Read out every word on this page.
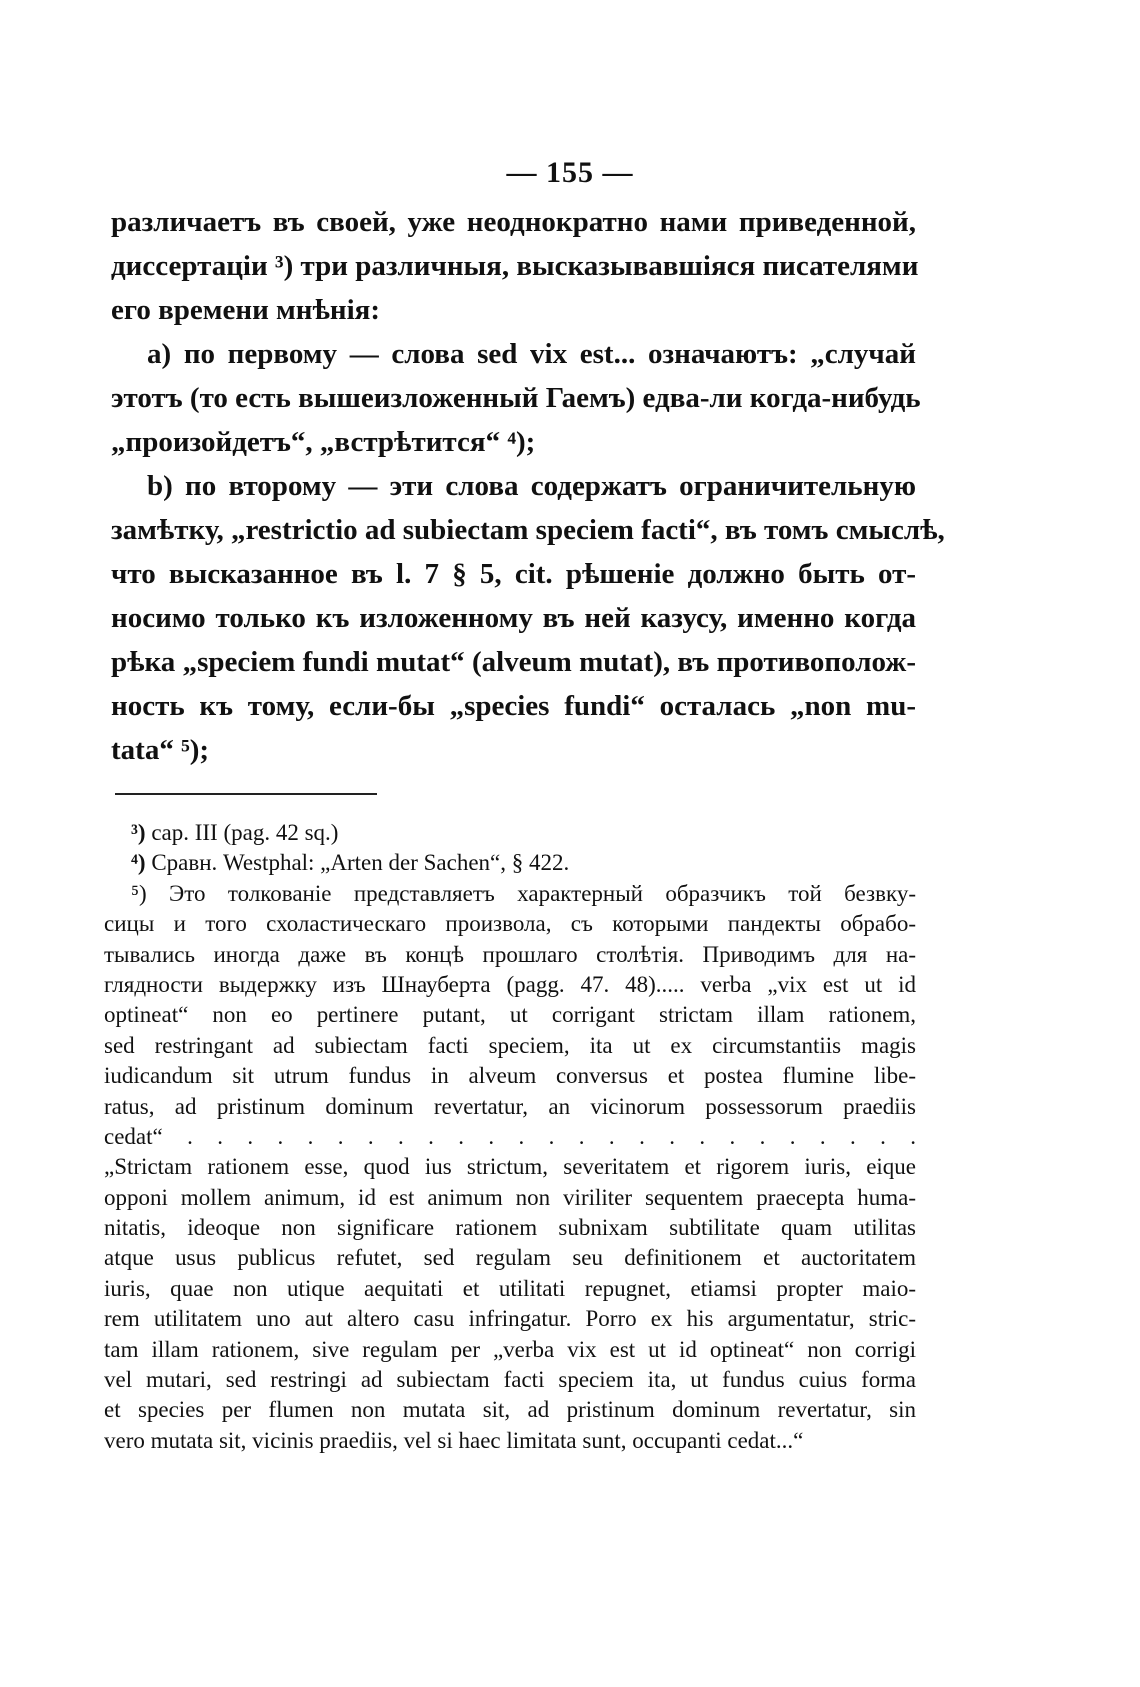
— 155 —
различаетъ въ своей, уже неоднократно нами приведенной,
диссертаціи ³) три различныя, высказывавшіяся писателями
его времени мнѣнія:
a) по первому — слова sed vix est... означаютъ: „случай
этотъ (то есть вышеизложенный Гаемъ) едва-ли когда-нибудь
„произойдетъ“, „встрѣтится“ ⁴);
b) по второму — эти слова содержатъ ограничительную
замѣтку, „restrictio ad subiectam speciem facti“, въ томъ смыслѣ,
что высказанное въ l. 7 § 5, cit. рѣшеніе должно быть от-
носимо только къ изложенному въ ней казусу, именно когда
рѣка „speciem fundi mutat“ (alveum mutat), въ противополож-
ность къ тому, если-бы „species fundi“ осталась „non mu-
tata“ ⁵);
³) cap. III (pag. 42 sq.)
⁴) Сравн. Westphal: „Arten der Sachen“, § 422.
⁵) Это толкованіе представляетъ характерный образчикъ той безвку-
сицы и того схоластическаго произвола, съ которыми пандекты обрабо-
тывались иногда даже въ концѣ прошлаго столѣтія. Приводимъ для на-
глядности выдержку изъ Шнауберта (pagg. 47. 48)..... verba „vix est ut id
optineat“ non eo pertinere putant, ut corrigant strictam illam rationem,
sed restringant ad subiectam facti speciem, ita ut ex circumstantiis magis
iudicandum sit utrum fundus in alveum conversus et postea flumine libe-
ratus, ad pristinum dominum revertatur, an vicinorum possessorum praediis
cedat“ . . . . . . . . . . . . . . . . . . . . . . . . .
„Strictam rationem esse, quod ius strictum, severitatem et rigorem iuris, eique
opponi mollem animum, id est animum non viriliter sequentem praecepta huma-
nitatis, ideoque non significare rationem subnixam subtilitate quam utilitas
atque usus publicus refutet, sed regulam seu definitionem et auctoritatem
iuris, quae non utique aequitati et utilitati repugnet, etiamsi propter maio-
rem utilitatem uno aut altero casu infringatur. Porro ex his argumentatur, stric-
tam illam rationem, sive regulam per „verba vix est ut id optineat“ non corrigi
vel mutari, sed restringi ad subiectam facti speciem ita, ut fundus cuius forma
et species per flumen non mutata sit, ad pristinum dominum revertatur, sin
vero mutata sit, vicinis praediis, vel si haec limitata sunt, occupanti cedat...“
